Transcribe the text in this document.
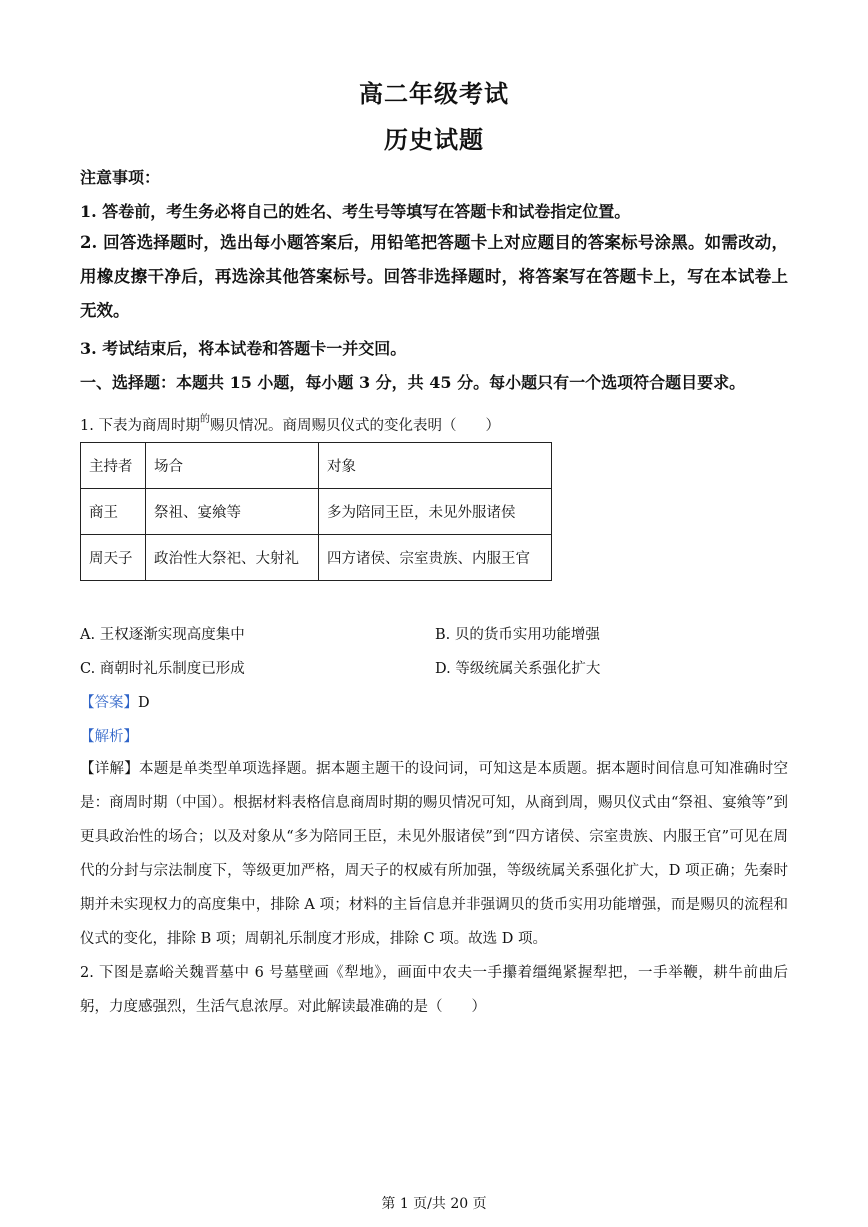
高二年级考试
历史试题
注意事项：
1. 答卷前，考生务必将自己的姓名、考生号等填写在答题卡和试卷指定位置。
2. 回答选择题时，选出每小题答案后，用铅笔把答题卡上对应题目的答案标号涂黑。如需改动，用橡皮擦干净后，再选涂其他答案标号。回答非选择题时，将答案写在答题卡上，写在本试卷上无效。
3. 考试结束后，将本试卷和答题卡一并交回。
一、选择题：本题共 15 小题，每小题 3 分，共 45 分。每小题只有一个选项符合题目要求。
1. 下表为商周时期$^的$赐贝情况。商周赐贝仪式的变化表明（　　）
主持者	场合	对象
商王	祭祖、宴飨等	多为陪同王臣，未见外服诸侯
周天子	政治性大祭祀、大射礼	四方诸侯、宗室贵族、内服王官
A. 王权逐渐实现高度集中	B. 贝的货币实用功能增强
C. 商朝时礼乐制度已形成	D. 等级统属关系强化扩大
【答案】D
【解析】
【详解】本题是单类型单项选择题。据本题主题干的设问词，可知这是本质题。据本题时间信息可知准确时空是：商周时期（中国）。根据材料表格信息商周时期的赐贝情况可知，从商到周，赐贝仪式由“祭祖、宴飨等”到更具政治性的场合；以及对象从“多为陪同王臣，未见外服诸侯”到“四方诸侯、宗室贵族、内服王官”可见在周代的分封与宗法制度下，等级更加严格，周天子的权威有所加强，等级统属关系强化扩大，D 项正确；先秦时期并未实现权力的高度集中，排除 A 项；材料的主旨信息并非强调贝的货币实用功能增强，而是赐贝的流程和仪式的变化，排除 B 项；周朝礼乐制度才形成，排除 C 项。故选 D 项。
2. 下图是嘉峪关魏晋墓中 6 号墓壁画《犁地》，画面中农夫一手攥着缰绳紧握犁把，一手举鞭，耕牛前曲后躬，力度感强烈，生活气息浓厚。对此解读最准确的是（　　）
第 1 页/共 20 页
